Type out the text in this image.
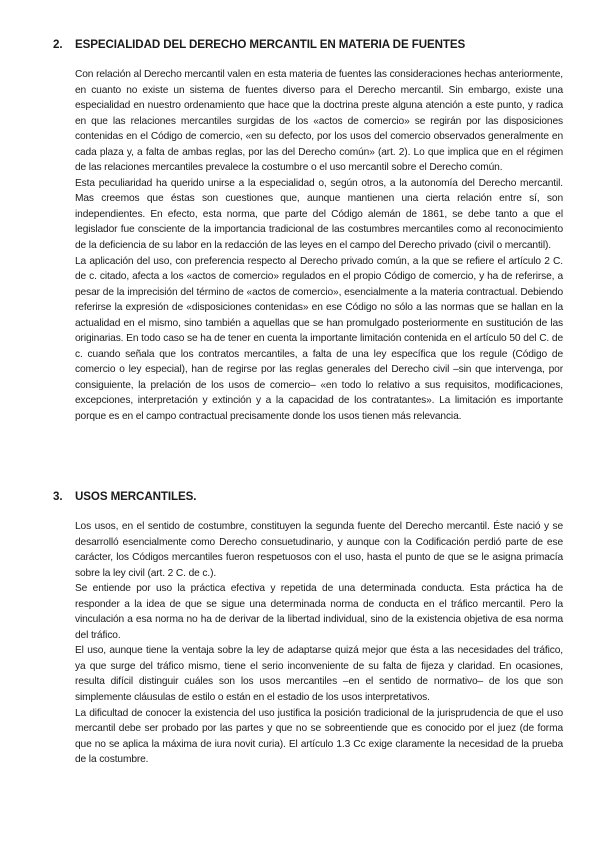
2. ESPECIALIDAD DEL DERECHO MERCANTIL EN MATERIA DE FUENTES

Con relación al Derecho mercantil valen en esta materia de fuentes las consideraciones hechas anteriormente, en cuanto no existe un sistema de fuentes diverso para el Derecho mercantil. Sin embargo, existe una especialidad en nuestro ordenamiento que hace que la doctrina preste alguna atención a este punto, y radica en que las relaciones mercantiles surgidas de los «actos de comercio» se regirán por las disposiciones contenidas en el Código de comercio, «en su defecto, por los usos del comercio observados generalmente en cada plaza y, a falta de ambas reglas, por las del Derecho común» (art. 2). Lo que implica que en el régimen de las relaciones mercantiles prevalece la costumbre o el uso mercantil sobre el Derecho común.

Esta peculiaridad ha querido unirse a la especialidad o, según otros, a la autonomía del Derecho mercantil. Mas creemos que éstas son cuestiones que, aunque mantienen una cierta relación entre sí, son independientes. En efecto, esta norma, que parte del Código alemán de 1861, se debe tanto a que el legislador fue consciente de la importancia tradicional de las costumbres mercantiles como al reconocimiento de la deficiencia de su labor en la redacción de las leyes en el campo del Derecho privado (civil o mercantil).

La aplicación del uso, con preferencia respecto al Derecho privado común, a la que se refiere el artículo 2 C. de c. citado, afecta a los «actos de comercio» regulados en el propio Código de comercio, y ha de referirse, a pesar de la imprecisión del término de «actos de comercio», esencialmente a la materia contractual. Debiendo referirse la expresión de «disposiciones contenidas» en ese Código no sólo a las normas que se hallan en la actualidad en el mismo, sino también a aquellas que se han promulgado posteriormente en sustitución de las originarias. En todo caso se ha de tener en cuenta la importante limitación contenida en el artículo 50 del C. de c. cuando señala que los contratos mercantiles, a falta de una ley específica que los regule (Código de comercio o ley especial), han de regirse por las reglas generales del Derecho civil –sin que intervenga, por consiguiente, la prelación de los usos de comercio– «en todo lo relativo a sus requisitos, modificaciones, excepciones, interpretación y extinción y a la capacidad de los contratantes». La limitación es importante porque es en el campo contractual precisamente donde los usos tienen más relevancia.

3. USOS MERCANTILES.

Los usos, en el sentido de costumbre, constituyen la segunda fuente del Derecho mercantil. Éste nació y se desarrolló esencialmente como Derecho consuetudinario, y aunque con la Codificación perdió parte de ese carácter, los Códigos mercantiles fueron respetuosos con el uso, hasta el punto de que se le asigna primacía sobre la ley civil (art. 2 C. de c.).

Se entiende por uso la práctica efectiva y repetida de una determinada conducta. Esta práctica ha de responder a la idea de que se sigue una determinada norma de conducta en el tráfico mercantil. Pero la vinculación a esa norma no ha de derivar de la libertad individual, sino de la existencia objetiva de esa norma del tráfico.

El uso, aunque tiene la ventaja sobre la ley de adaptarse quizá mejor que ésta a las necesidades del tráfico, ya que surge del tráfico mismo, tiene el serio inconveniente de su falta de fijeza y claridad. En ocasiones, resulta difícil distinguir cuáles son los usos mercantiles –en el sentido de normativo– de los que son simplemente cláusulas de estilo o están en el estadio de los usos interpretativos.

La dificultad de conocer la existencia del uso justifica la posición tradicional de la jurisprudencia de que el uso mercantil debe ser probado por las partes y que no se sobreentiende que es conocido por el juez (de forma que no se aplica la máxima de iura novit curia). El artículo 1.3 Cc exige claramente la necesidad de la prueba de la costumbre.
